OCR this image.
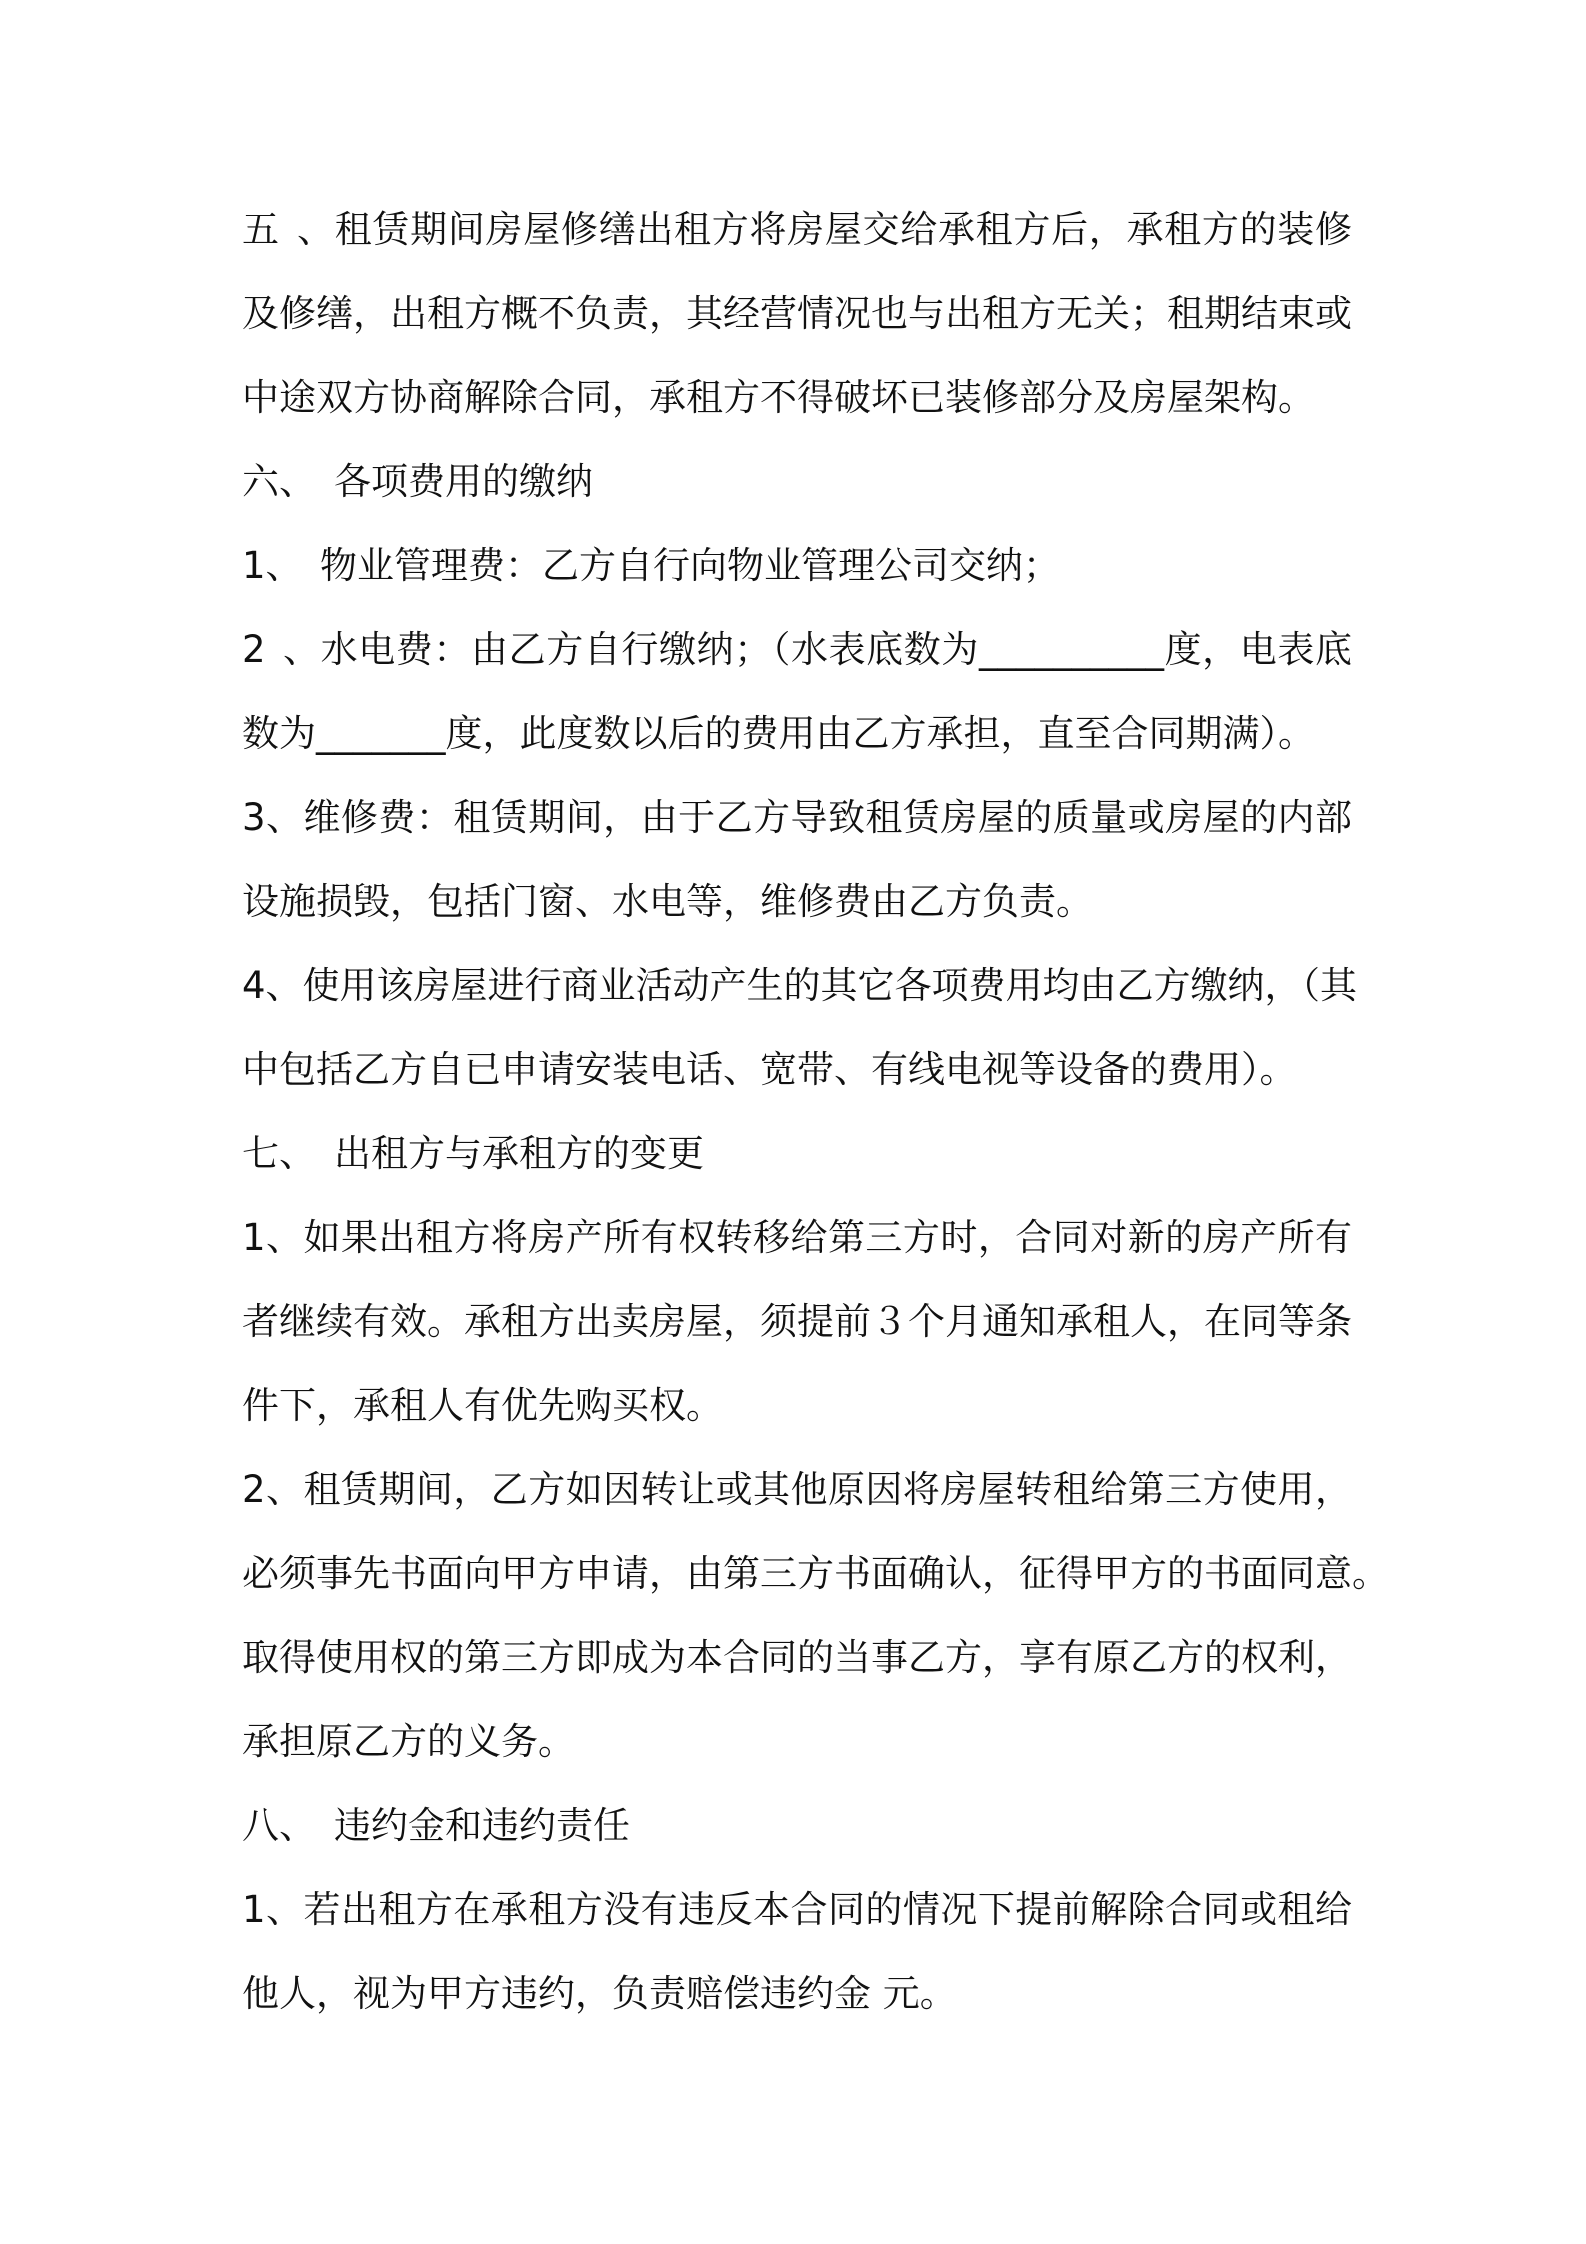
五、租赁期间房屋修缮出租方将房屋交给承租方后，承租方的装修
及修缮，出租方概不负责，其经营情况也与出租方无关；租期结束或
中途双方协商解除合同，承租方不得破坏已装修部分及房屋架构。
六、 各项费用的缴纳
1、 物业管理费：乙方自行向物业管理公司交纳；
2、水电费：由乙方自行缴纳；（水表底数为__________度，电表底
数为_______度，此度数以后的费用由乙方承担，直至合同期满）。
3、维修费：租赁期间，由于乙方导致租赁房屋的质量或房屋的内部
设施损毁，包括门窗、水电等，维修费由乙方负责。
4、使用该房屋进行商业活动产生的其它各项费用均由乙方缴纳，（其
中包括乙方自已申请安装电话、宽带、有线电视等设备的费用）。
七、 出租方与承租方的变更
1、如果出租方将房产所有权转移给第三方时，合同对新的房产所有
者继续有效。承租方出卖房屋，须提前３个月通知承租人，在同等条
件下，承租人有优先购买权。
2、租赁期间，乙方如因转让或其他原因将房屋转租给第三方使用，
必须事先书面向甲方申请，由第三方书面确认，征得甲方的书面同意。
取得使用权的第三方即成为本合同的当事乙方，享有原乙方的权利，
承担原乙方的义务。
八、 违约金和违约责任
1、若出租方在承租方没有违反本合同的情况下提前解除合同或租给
他人，视为甲方违约，负责赔偿违约金 元。
